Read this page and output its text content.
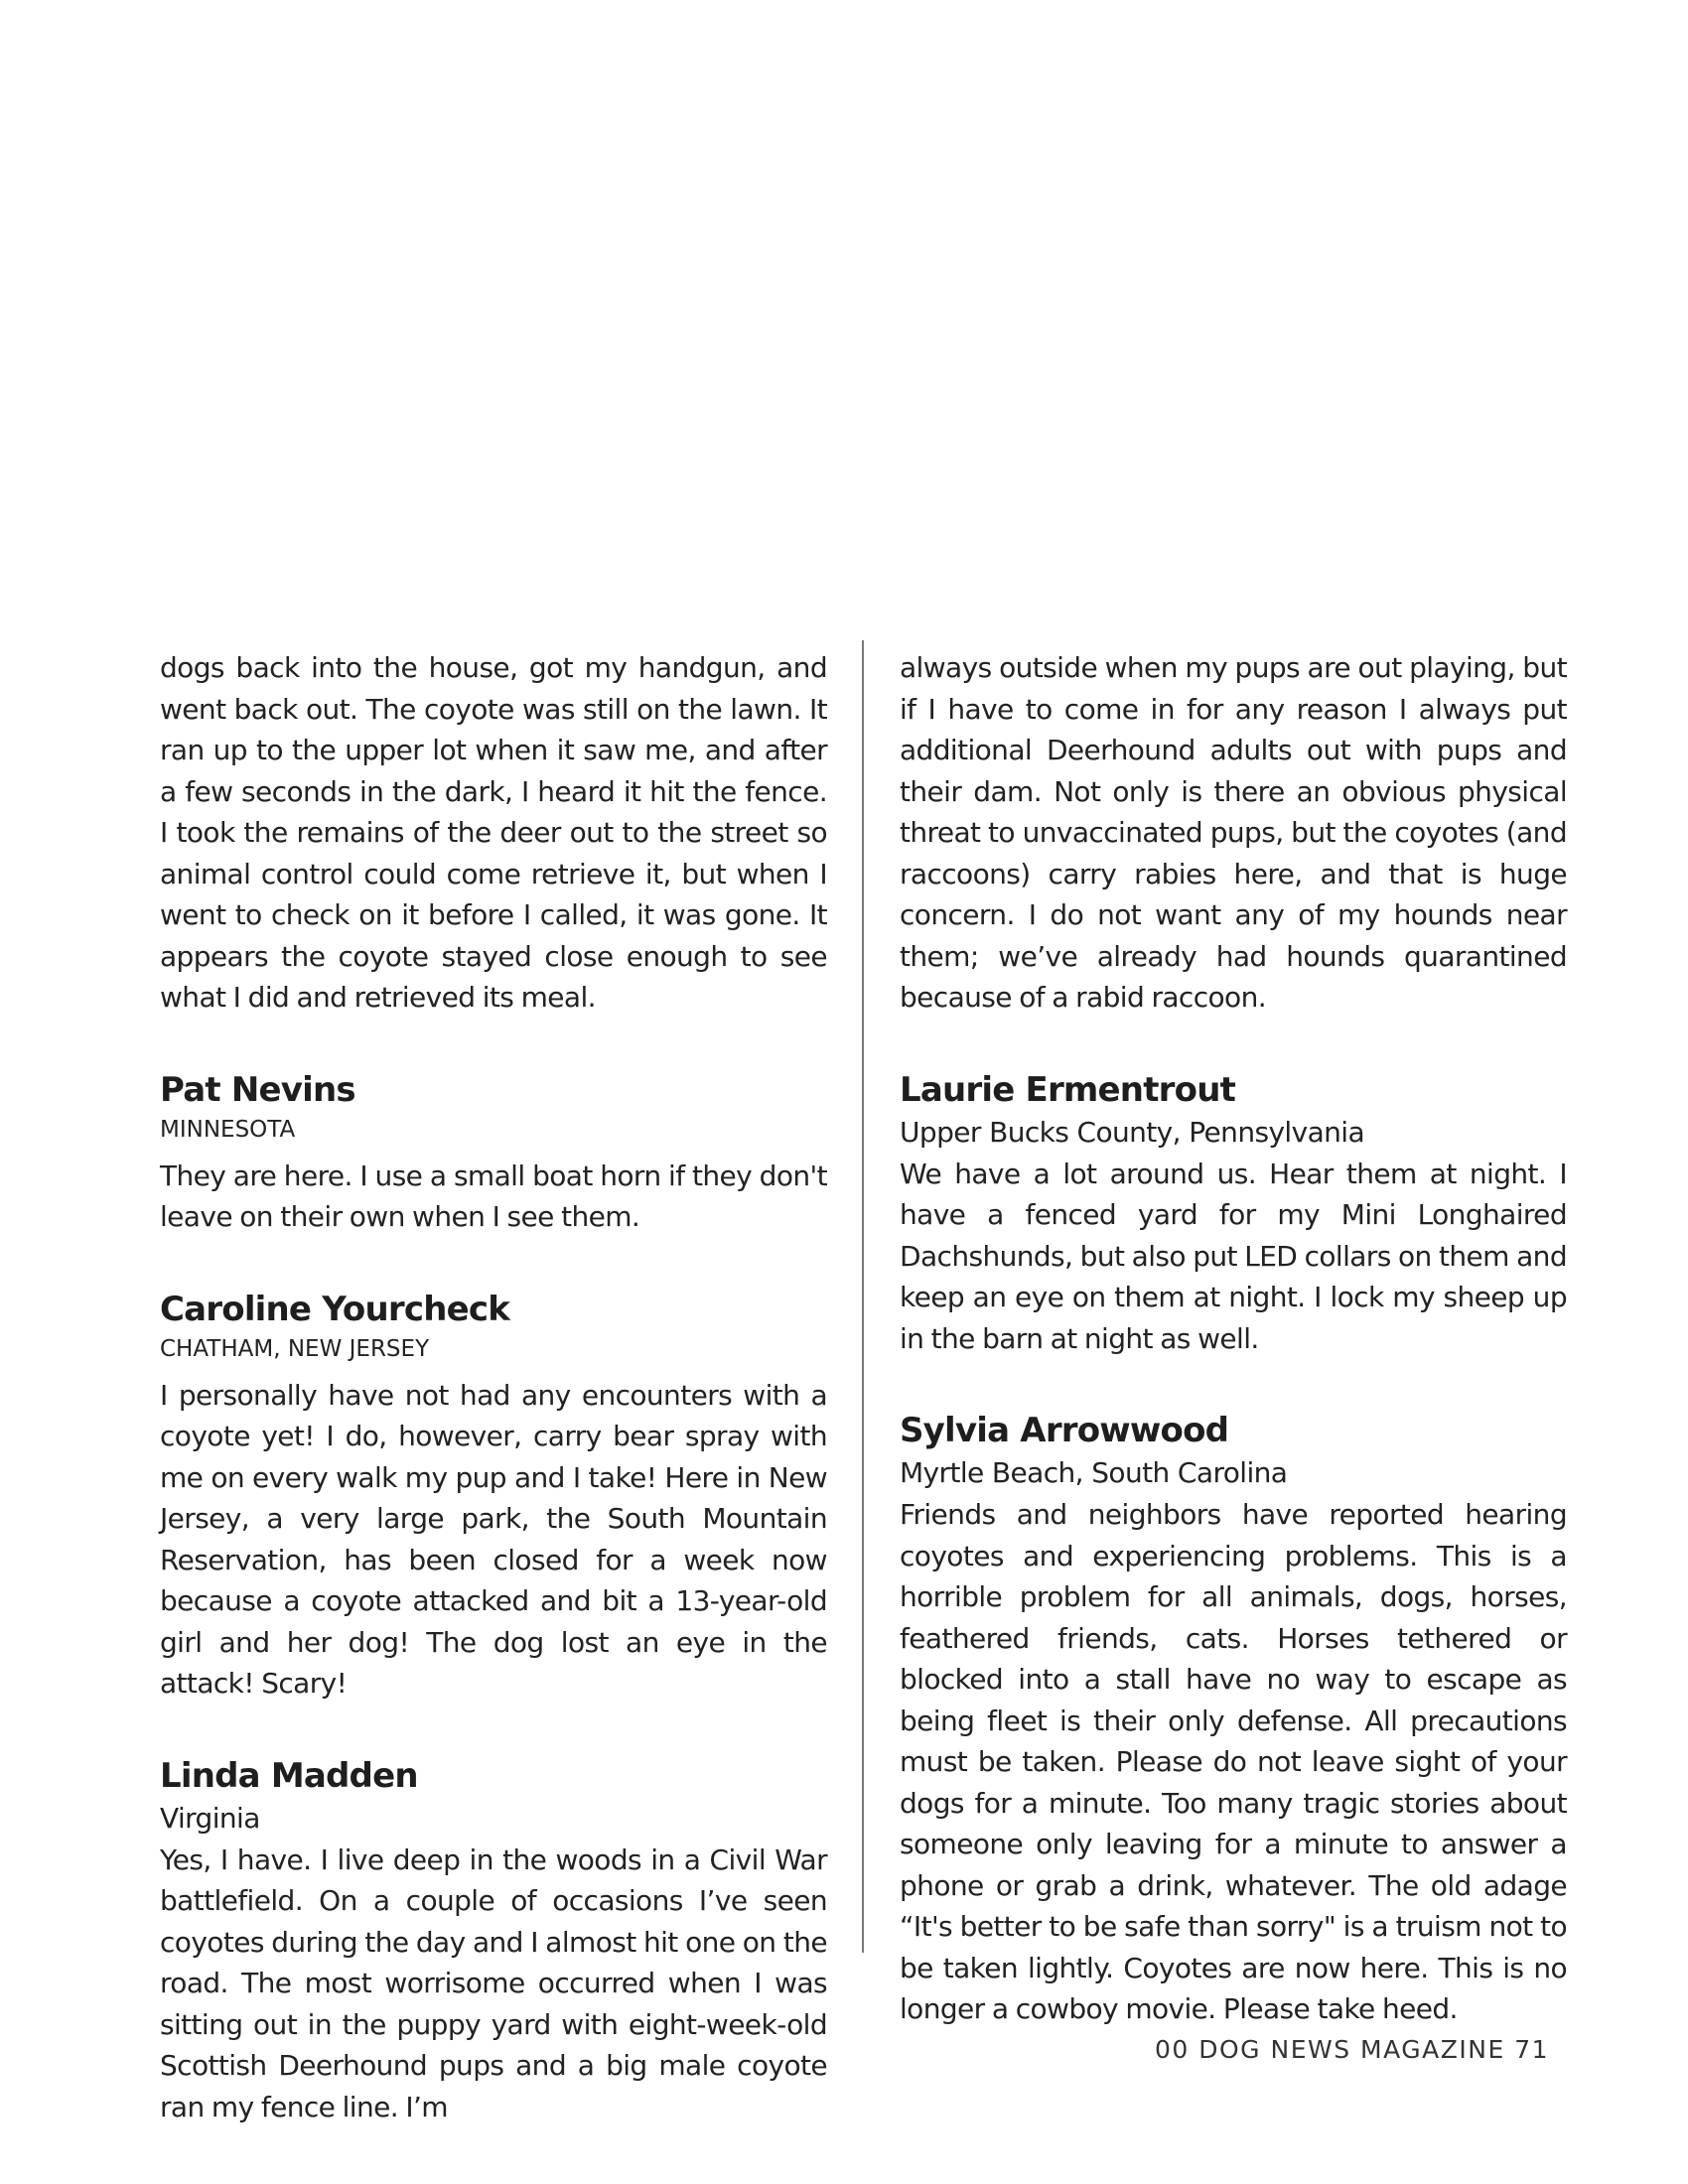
dogs back into the house, got my handgun, and went back out. The coyote was still on the lawn. It ran up to the upper lot when it saw me, and after a few seconds in the dark, I heard it hit the fence. I took the remains of the deer out to the street so animal control could come retrieve it, but when I went to check on it before I called, it was gone. It appears the coyote stayed close enough to see what I did and retrieved its meal.

Pat Nevins
MINNESOTA

They are here. I use a small boat horn if they don't leave on their own when I see them.

Caroline Yourcheck
CHATHAM, NEW JERSEY

I personally have not had any encounters with a coyote yet! I do, however, carry bear spray with me on every walk my pup and I take! Here in New Jersey, a very large park, the South Mountain Reservation, has been closed for a week now because a coyote attacked and bit a 13-year-old girl and her dog! The dog lost an eye in the attack! Scary!

Linda Madden
Virginia

Yes, I have. I live deep in the woods in a Civil War battlefield. On a couple of occasions I’ve seen coyotes during the day and I almost hit one on the road. The most worrisome occurred when I was sitting out in the puppy yard with eight-week-old Scottish Deerhound pups and a big male coyote ran my fence line. I’m

always outside when my pups are out playing, but if I have to come in for any reason I always put additional Deerhound adults out with pups and their dam. Not only is there an obvious physical threat to unvaccinated pups, but the coyotes (and raccoons) carry rabies here, and that is huge concern. I do not want any of my hounds near them; we’ve already had hounds quarantined because of a rabid raccoon.

Laurie Ermentrout
Upper Bucks County, Pennsylvania

We have a lot around us. Hear them at night. I have a fenced yard for my Mini Longhaired Dachshunds, but also put LED collars on them and keep an eye on them at night. I lock my sheep up in the barn at night as well.

Sylvia Arrowwood
Myrtle Beach, South Carolina

Friends and neighbors have reported hearing coyotes and experiencing problems. This is a horrible problem for all animals, dogs, horses, feathered friends, cats. Horses tethered or blocked into a stall have no way to escape as being fleet is their only defense. All precautions must be taken. Please do not leave sight of your dogs for a minute. Too many tragic stories about someone only leaving for a minute to answer a phone or grab a drink, whatever. The old adage “It's better to be safe than sorry" is a truism not to be taken lightly. Coyotes are now here. This is no longer a cowboy movie. Please take heed.

00 DOG NEWS MAGAZINE 71
